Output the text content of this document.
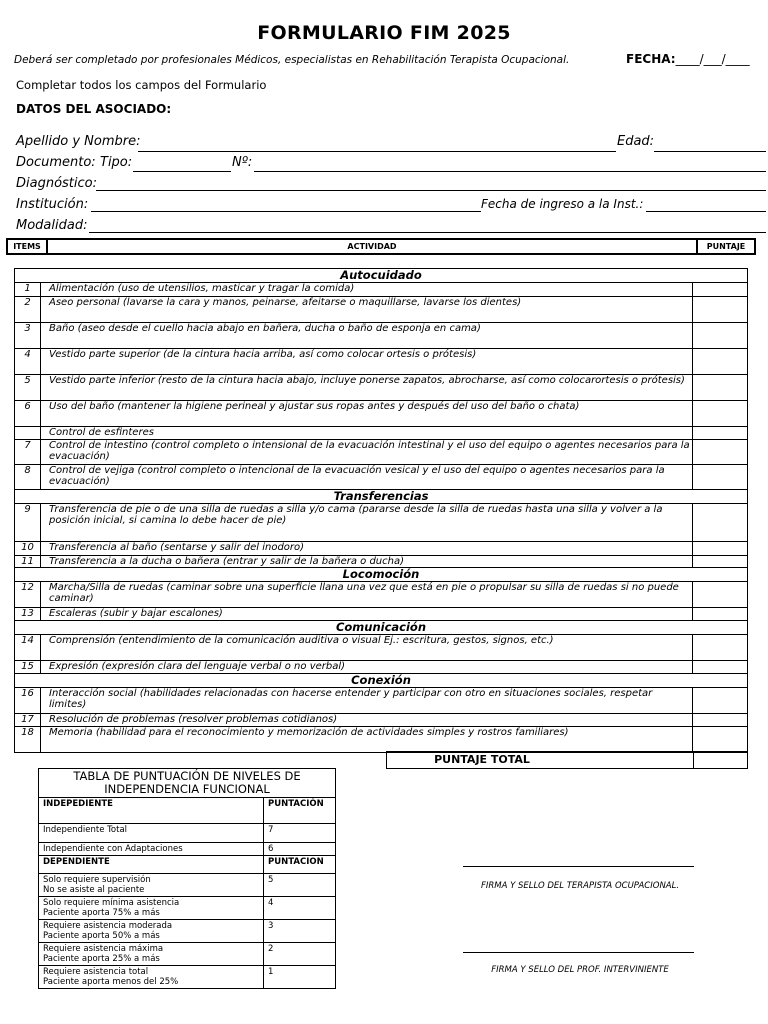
FORMULARIO FIM 2025
Deberá ser completado por profesionales Médicos, especialistas en Rehabilitación Terapista Ocupacional.	FECHA:____/___/____
Completar todos los campos del Formulario
DATOS DEL ASOCIADO:
Apellido y Nombre:	Edad:
Documento: Tipo:	Nº:
Diagnóstico:
Institución:	Fecha de ingreso a la Inst.:
Modalidad:
ITEMS	ACTIVIDAD	PUNTAJE
Autocuidado
1	Alimentación (uso de utensilios, masticar y tragar la comida)
2	Aseo personal (lavarse la cara y manos, peinarse, afeitarse o maquillarse, lavarse los dientes)
3	Baño (aseo desde el cuello hacia abajo en bañera, ducha o baño de esponja en cama)
4	Vestido parte superior (de la cintura hacia arriba, así como colocar ortesis o prótesis)
5	Vestido parte inferior (resto de la cintura hacia abajo, incluye ponerse zapatos, abrocharse, así como colocarortesis o prótesis)
6	Uso del baño (mantener la higiene perineal y ajustar sus ropas antes y después del uso del baño o chata)
Control de esfinteres
7	Control de intestino (control completo o intensional de la evacuación intestinal y el uso del equipo o agentes necesarios para la evacuación)
8	Control de vejiga (control completo o intencional de la evacuación vesical y el uso del equipo o agentes necesarios para la evacuación)
Transferencias
9	Transferencia de pie o de una silla de ruedas a silla y/o cama (pararse desde la silla de ruedas hasta una silla y volver a la posición inicial, si camina lo debe hacer de pie)
10	Transferencia al baño (sentarse y salir del inodoro)
11	Transferencia a la ducha o bañera (entrar y salir de la bañera o ducha)
Locomoción
12	Marcha/Silla de ruedas (caminar sobre una superficie llana una vez que está en pie o propulsar su silla de ruedas si no puede caminar)
13	Escaleras (subir y bajar escalones)
Comunicación
14	Comprensión (entendimiento de la comunicación auditiva o visual Ej.: escritura, gestos, signos, etc.)
15	Expresión (expresión clara del lenguaje verbal o no verbal)
Conexión
16	Interacción social (habilidades relacionadas con hacerse entender y participar con otro en situaciones sociales, respetar limites)
17	Resolución de problemas (resolver problemas cotidianos)
18	Memoria (habilidad para el reconocimiento y memorización de actividades simples y rostros familiares)
PUNTAJE TOTAL
TABLA DE PUNTUACIÓN DE NIVELES DE INDEPENDENCIA FUNCIONAL	
INDEPEDIENTE	PUNTACIÓN

Independiente Total	7

Independiente con Adaptaciones	6
DEPENDIENTE	PUNTACION

Solo requiere supervisión
No se asiste al paciente	5

Solo requiere mínima asistencia
Paciente aporta 75% a más	4

Requiere asistencia moderada
Paciente aporta 50% a más	3

Requiere asistencia máxima
Paciente aporta 25% a más	2

Requiere asistencia total
Paciente aporta menos del 25%	1
FIRMA Y SELLO DEL TERAPISTA OCUPACIONAL.
FIRMA Y SELLO DEL PROF. INTERVINIENTE
